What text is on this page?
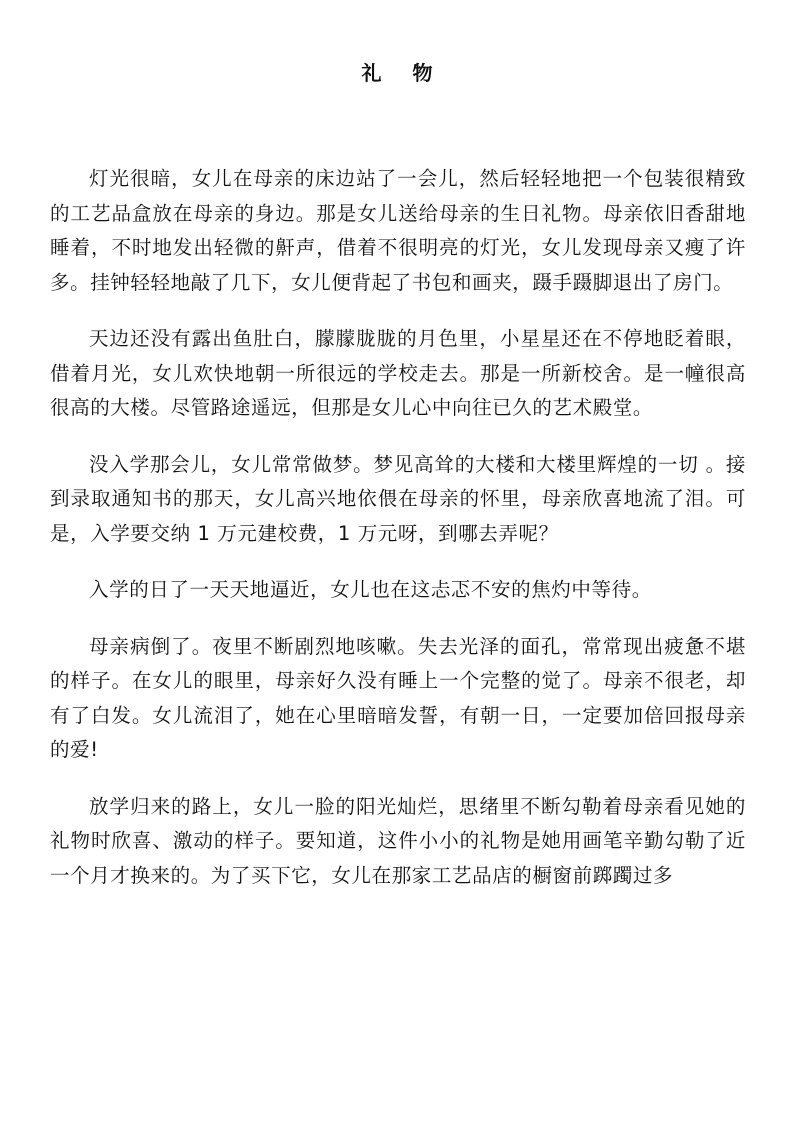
礼 物

灯光很暗，女儿在母亲的床边站了一会儿，然后轻轻地把一个包装很精致的工艺品盒放在母亲的身边。那是女儿送给母亲的生日礼物。母亲依旧香甜地睡着，不时地发出轻微的鼾声，借着不很明亮的灯光，女儿发现母亲又瘦了许多。挂钟轻轻地敲了几下，女儿便背起了书包和画夹，蹑手蹑脚退出了房门。

天边还没有露出鱼肚白，朦朦胧胧的月色里，小星星还在不停地眨着眼，借着月光，女儿欢快地朝一所很远的学校走去。那是一所新校舍。是一幢很高很高的大楼。尽管路途遥远，但那是女儿心中向往已久的艺术殿堂。

没入学那会儿，女儿常常做梦。梦见高耸的大楼和大楼里辉煌的一切 。接到录取通知书的那天，女儿高兴地依偎在母亲的怀里，母亲欣喜地流了泪。可是，入学要交纳 1 万元建校费，1 万元呀，到哪去弄呢？

入学的日了一天天地逼近，女儿也在这忐忑不安的焦灼中等待。

母亲病倒了。夜里不断剧烈地咳嗽。失去光泽的面孔，常常现出疲惫不堪的样子。在女儿的眼里，母亲好久没有睡上一个完整的觉了。母亲不很老，却有了白发。女儿流泪了，她在心里暗暗发誓，有朝一日，一定要加倍回报母亲的爱!

放学归来的路上，女儿一脸的阳光灿烂，思绪里不断勾勒着母亲看见她的礼物时欣喜、激动的样子。要知道，这件小小的礼物是她用画笔辛勤勾勒了近一个月才换来的。为了买下它，女儿在那家工艺品店的橱窗前踯躅过多
